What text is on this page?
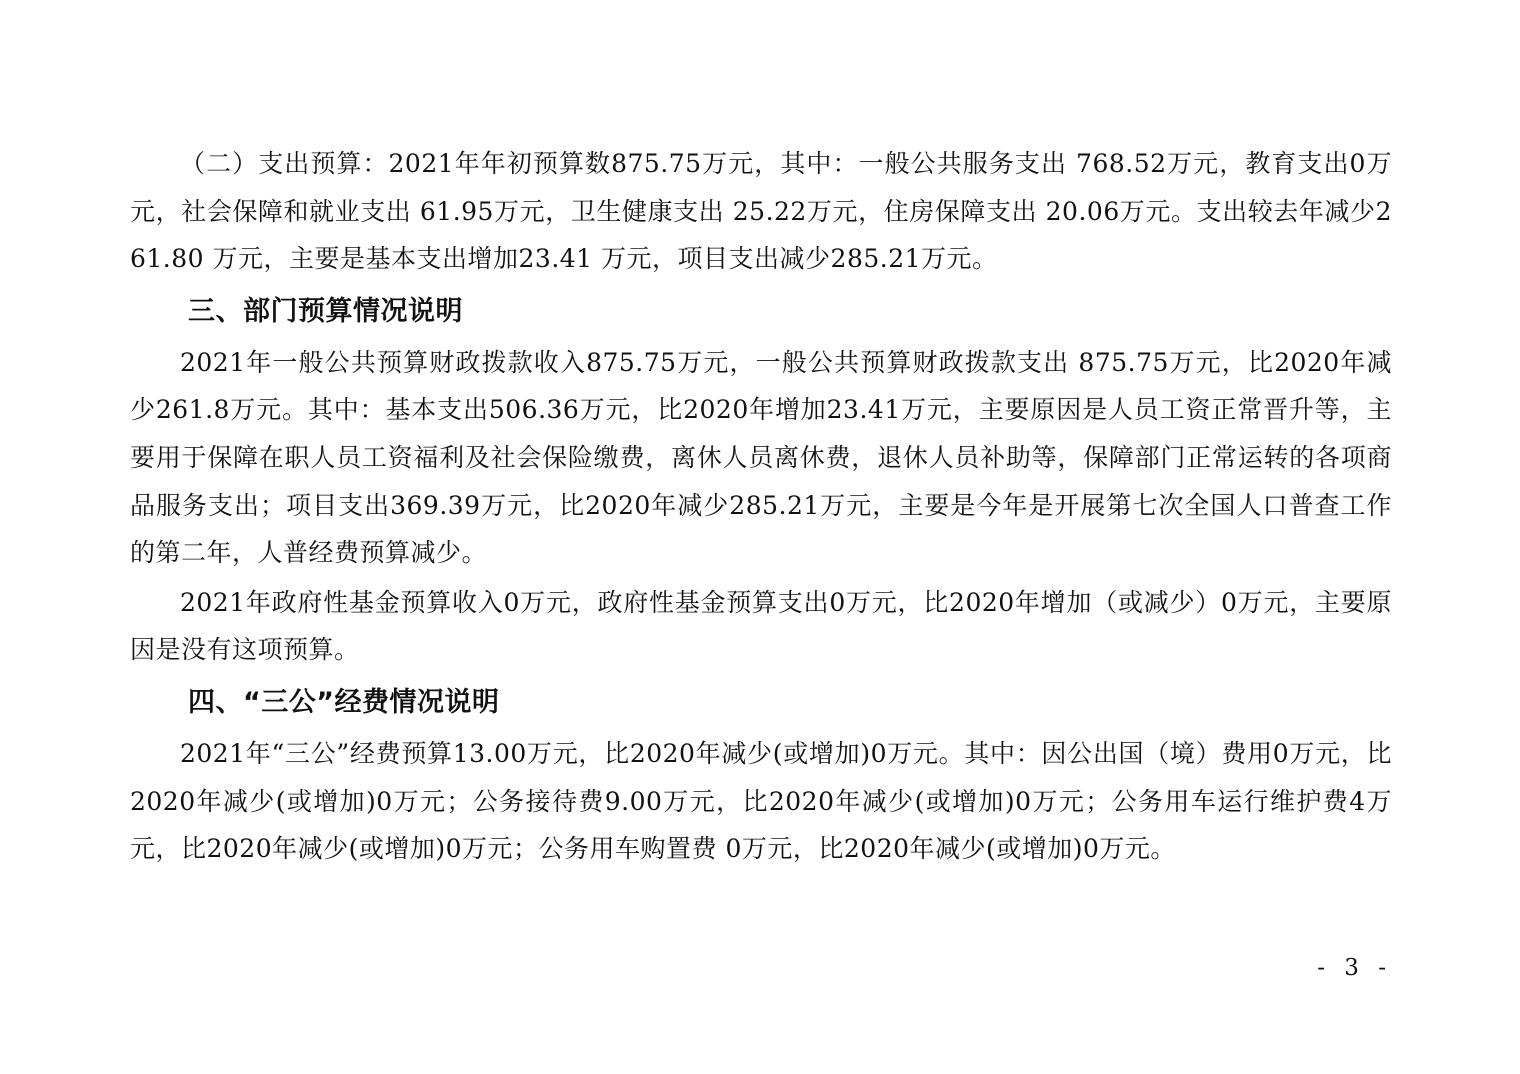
（二）支出预算：2021年年初预算数875.75万元，其中：一般公共服务支出 768.52万元，教育支出0万元，社会保障和就业支出 61.95万元，卫生健康支出 25.22万元，住房保障支出 20.06万元。支出较去年减少261.80 万元，主要是基本支出增加23.41 万元，项目支出减少285.21万元。

三、部门预算情况说明

2021年一般公共预算财政拨款收入875.75万元，一般公共预算财政拨款支出 875.75万元，比2020年减少261.8万元。其中：基本支出506.36万元，比2020年增加23.41万元，主要原因是人员工资正常晋升等，主要用于保障在职人员工资福利及社会保险缴费，离休人员离休费，退休人员补助等，保障部门正常运转的各项商品服务支出；项目支出369.39万元，比2020年减少285.21万元，主要是今年是开展第七次全国人口普查工作的第二年，人普经费预算减少。

2021年政府性基金预算收入0万元，政府性基金预算支出0万元，比2020年增加（或减少）0万元，主要原因是没有这项预算。

四、“三公”经费情况说明

2021年“三公”经费预算13.00万元，比2020年减少(或增加)0万元。其中：因公出国（境）费用0万元，比2020年减少(或增加)0万元；公务接待费9.00万元，比2020年减少(或增加)0万元；公务用车运行维护费4万元，比2020年减少(或增加)0万元；公务用车购置费 0万元，比2020年减少(或增加)0万元。

- 3 -
